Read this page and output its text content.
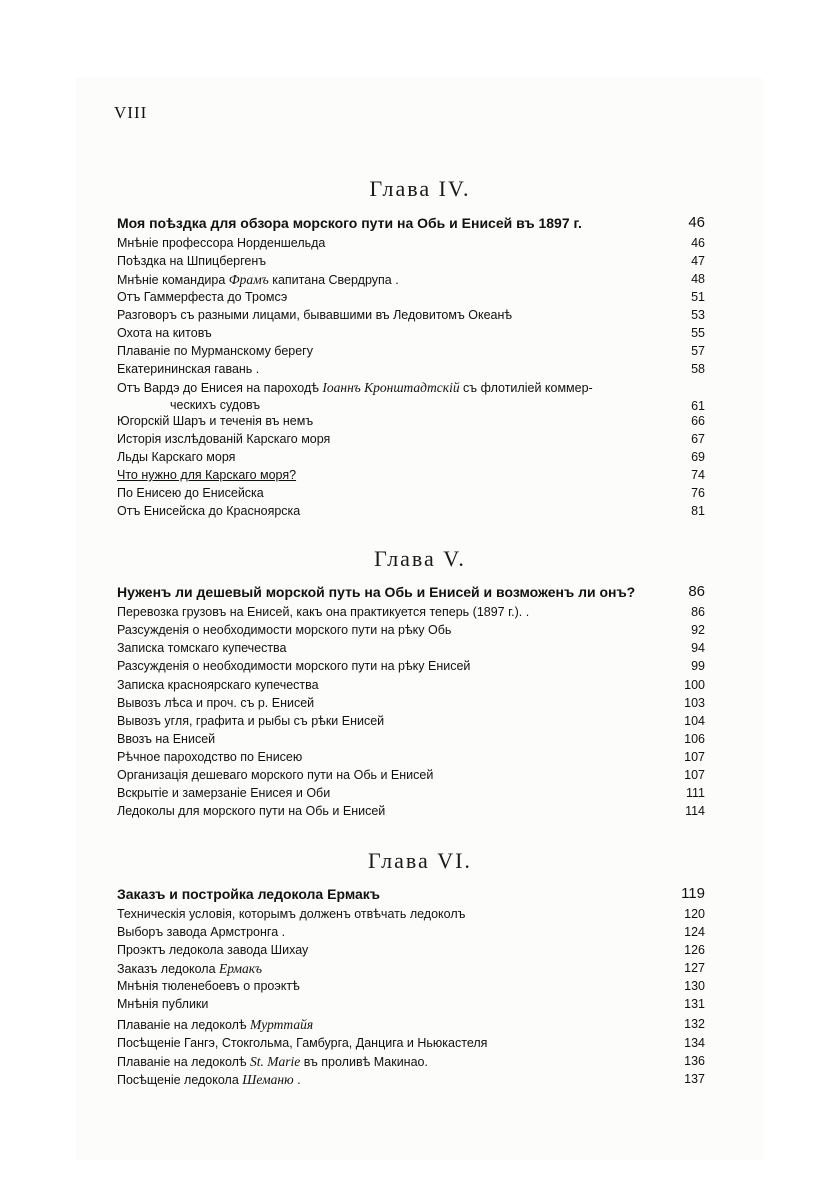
VIII
Глава IV.
Моя поѣздка для обзора морского пути на Обь и Енисей въ 1897 г.	46
Мнѣніе профессора Норденшельда	46
Поѣздка на Шпицбергенъ	47
Мнѣніе командира Фрамъ капитана Свердрупа .	48
Отъ Гаммерфеста до Тромсэ	51
Разговоръ съ разными лицами, бывавшими въ Ледовитомъ Океанѣ	53
Охота на китовъ	55
Плаваніе по Мурманскому берегу	57
Екатерининская гавань .	58
Отъ Вардэ до Енисея на пароходѣ Іоаннъ Кронштадтскій съ флотиліей коммер-
ческихъ судовъ	61
Югорскій Шаръ и теченія въ немъ	66
Исторія изслѣдованій Карскаго моря	67
Льды Карскаго моря	69
Что нужно для Карскаго моря?	74
По Енисею до Енисейска	76
Отъ Енисейска до Красноярска	81
Глава V.
Нуженъ ли дешевый морской путь на Обь и Енисей и возможенъ ли онъ?	86
Перевозка грузовъ на Енисей, какъ она практикуется теперь (1897 г.). .	86
Разсужденія о необходимости морского пути на рѣку Обь	92
Записка томскаго купечества	94
Разсужденія о необходимости морского пути на рѣку Енисей	99
Записка красноярскаго купечества	100
Вывозъ лѣса и проч. съ р. Енисей	103
Вывозъ угля, графита и рыбы съ рѣки Енисей	104
Ввозъ на Енисей	106
Рѣчное пароходство по Енисею	107
Организація дешеваго морского пути на Обь и Енисей	107
Вскрытіе и замерзаніе Енисея и Оби	111
Ледоколы для морского пути на Обь и Енисей	114
Глава VI.
Заказъ и постройка ледокола Ермакъ	119
Техническія условія, которымъ долженъ отвѣчать ледоколъ	120
Выборъ завода Армстронга .	124
Проэктъ ледокола завода Шихау	126
Заказъ ледокола Ермакъ	127
Мнѣнія тюленебоевъ о проэктѣ	130
Мнѣнія публики	131
Плаваніе на ледоколѣ Мурттайя	132
Посѣщеніе Гангэ, Стокгольма, Гамбурга, Данцига и Ньюкастеля	134
Плаваніе на ледоколѣ St. Marie въ проливѣ Макинао.	136
Посѣщеніе ледокола Шеманю .	137
